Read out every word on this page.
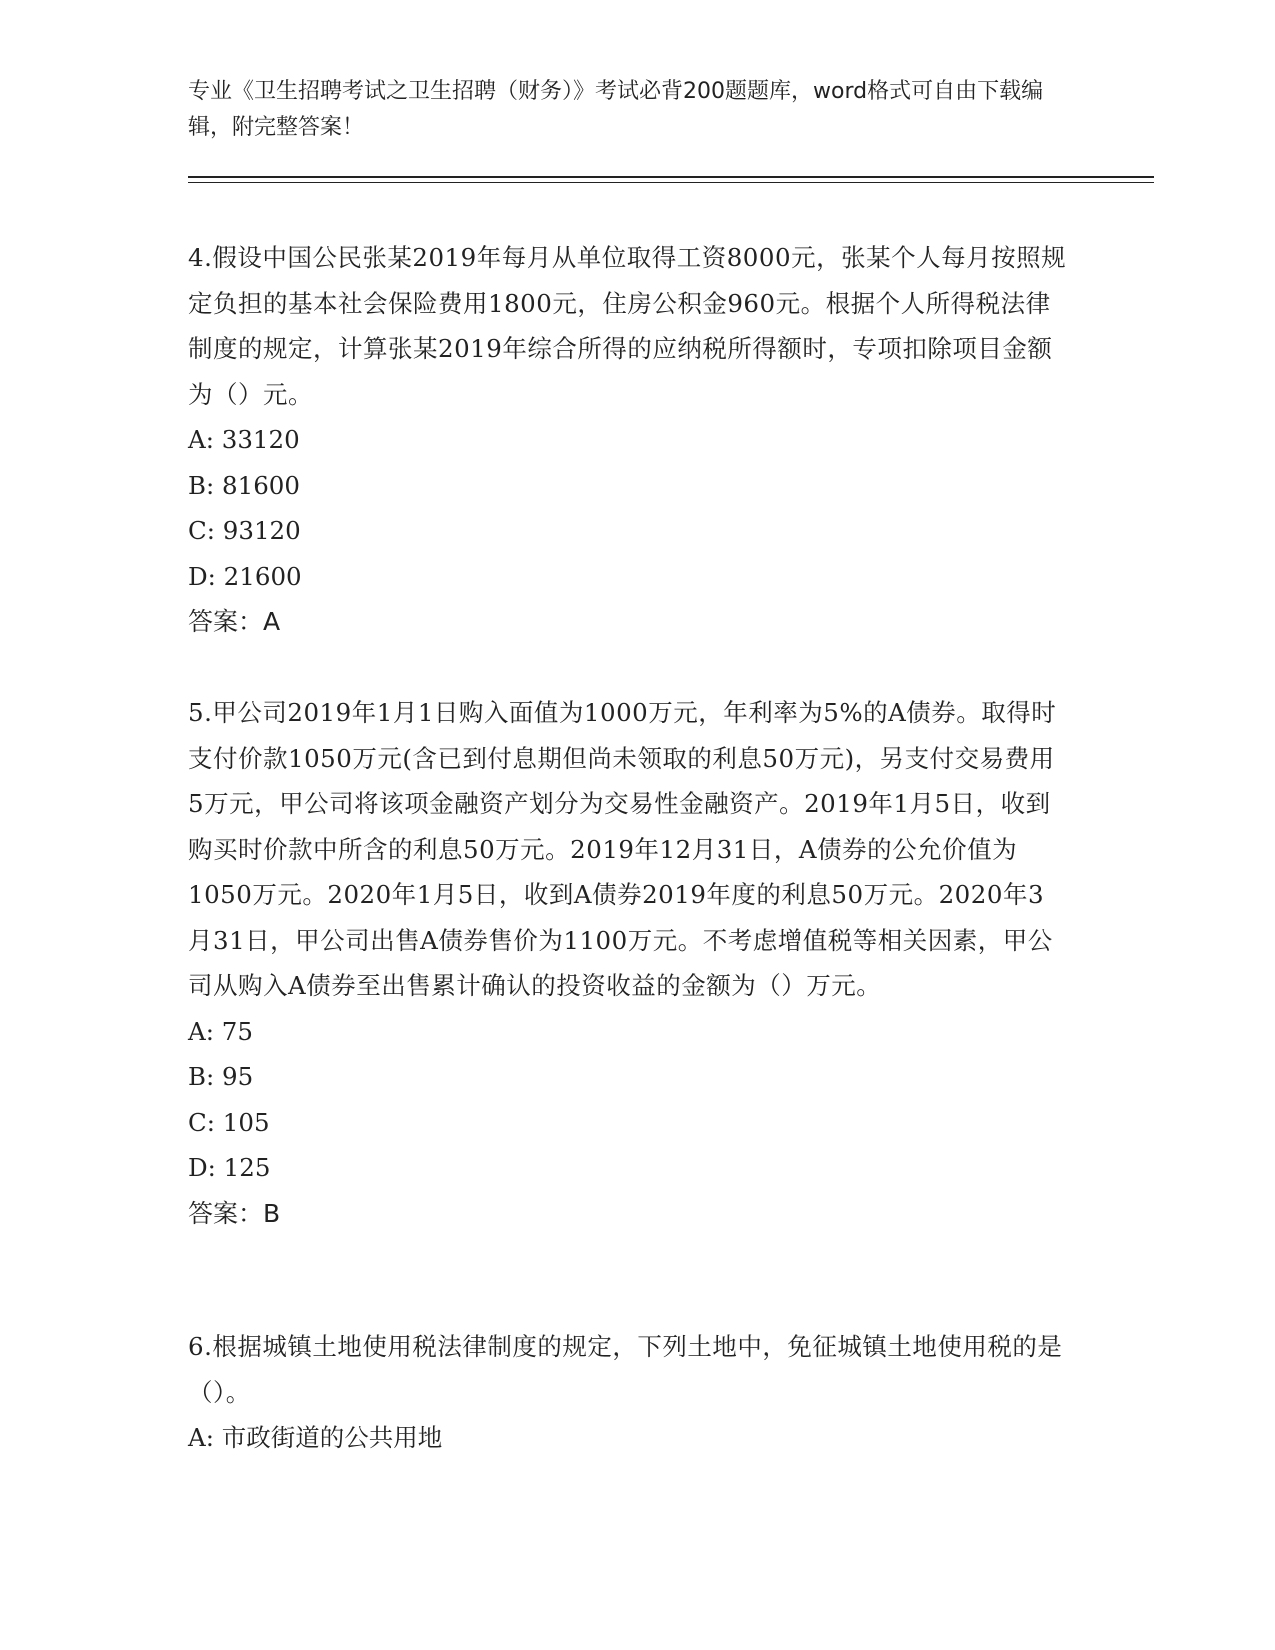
专业《卫生招聘考试之卫生招聘（财务）》考试必背200题题库，word格式可自由下载编辑，附完整答案！

4.假设中国公民张某2019年每月从单位取得工资8000元，张某个人每月按照规定负担的基本社会保险费用1800元，住房公积金960元。根据个人所得税法律制度的规定，计算张某2019年综合所得的应纳税所得额时，专项扣除项目金额为（）元。

A: 33120
B: 81600
C: 93120
D: 21600
答案：A

5.甲公司2019年1月1日购入面值为1000万元，年利率为5%的A债券。取得时支付价款1050万元(含已到付息期但尚未领取的利息50万元)，另支付交易费用5万元，甲公司将该项金融资产划分为交易性金融资产。2019年1月5日，收到购买时价款中所含的利息50万元。2019年12月31日，A债券的公允价值为1050万元。2020年1月5日，收到A债券2019年度的利息50万元。2020年3月31日，甲公司出售A债券售价为1100万元。不考虑增值税等相关因素，甲公司从购入A债券至出售累计确认的投资收益的金额为（）万元。

A: 75
B: 95
C: 105
D: 125
答案：B

6.根据城镇土地使用税法律制度的规定，下列土地中，免征城镇土地使用税的是（）。

A: 市政街道的公共用地
